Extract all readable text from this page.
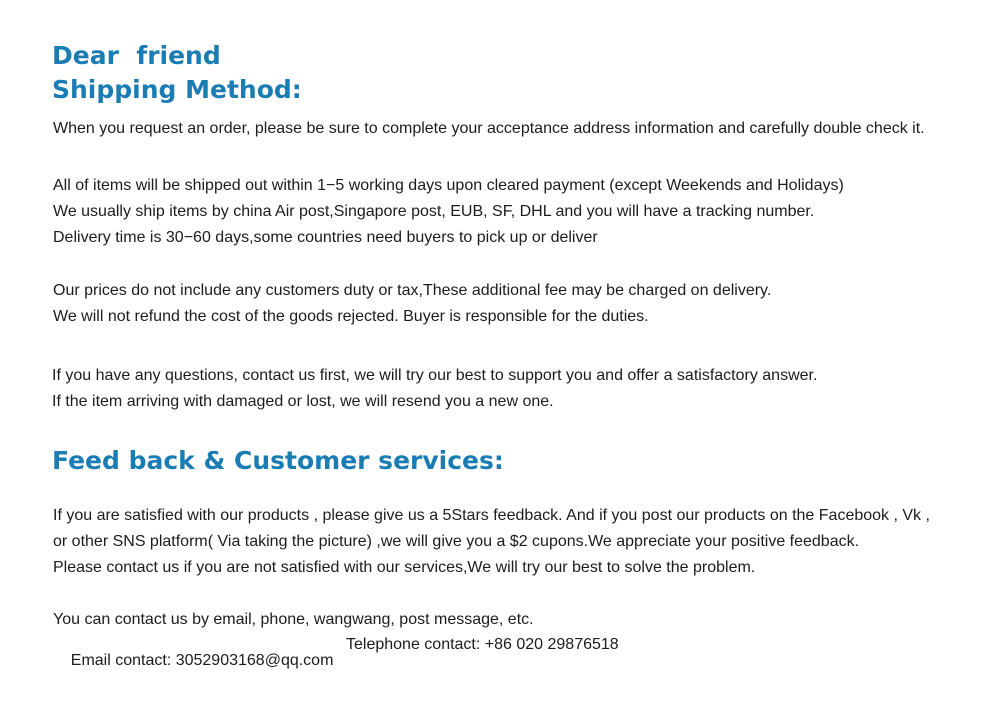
Dear  friend
Shipping Method:

When you request an order, please be sure to complete your acceptance address information and carefully double check it.

All of items will be shipped out within 1−5 working days upon cleared payment (except Weekends and Holidays)

We usually ship items by china Air post,Singapore post, EUB, SF, DHL and you will have a tracking number.

Delivery time is 30−60 days,some countries need buyers to pick up or deliver

Our prices do not include any customers duty or tax,These additional fee may be charged on delivery.

We will not refund the cost of the goods rejected. Buyer is responsible for the duties.

If you have any questions, contact us first, we will try our best to support you and offer a satisfactory answer.

If the item arriving with damaged or lost, we will resend you a new one.

Feed back & Customer services:

If you are satisfied with our products , please give us a 5Stars feedback. And if you post our products on the Facebook , Vk ,

or other SNS platform( Via taking the picture) ,we will give you a $2 cupons.We appreciate your positive feedback.

Please contact us if you are not satisfied with our services,We will try our best to solve the problem.

You can contact us by email, phone, wangwang, post message, etc.

Email contact: 3052903168@qq.com

Telephone contact: +86 020 29876518
